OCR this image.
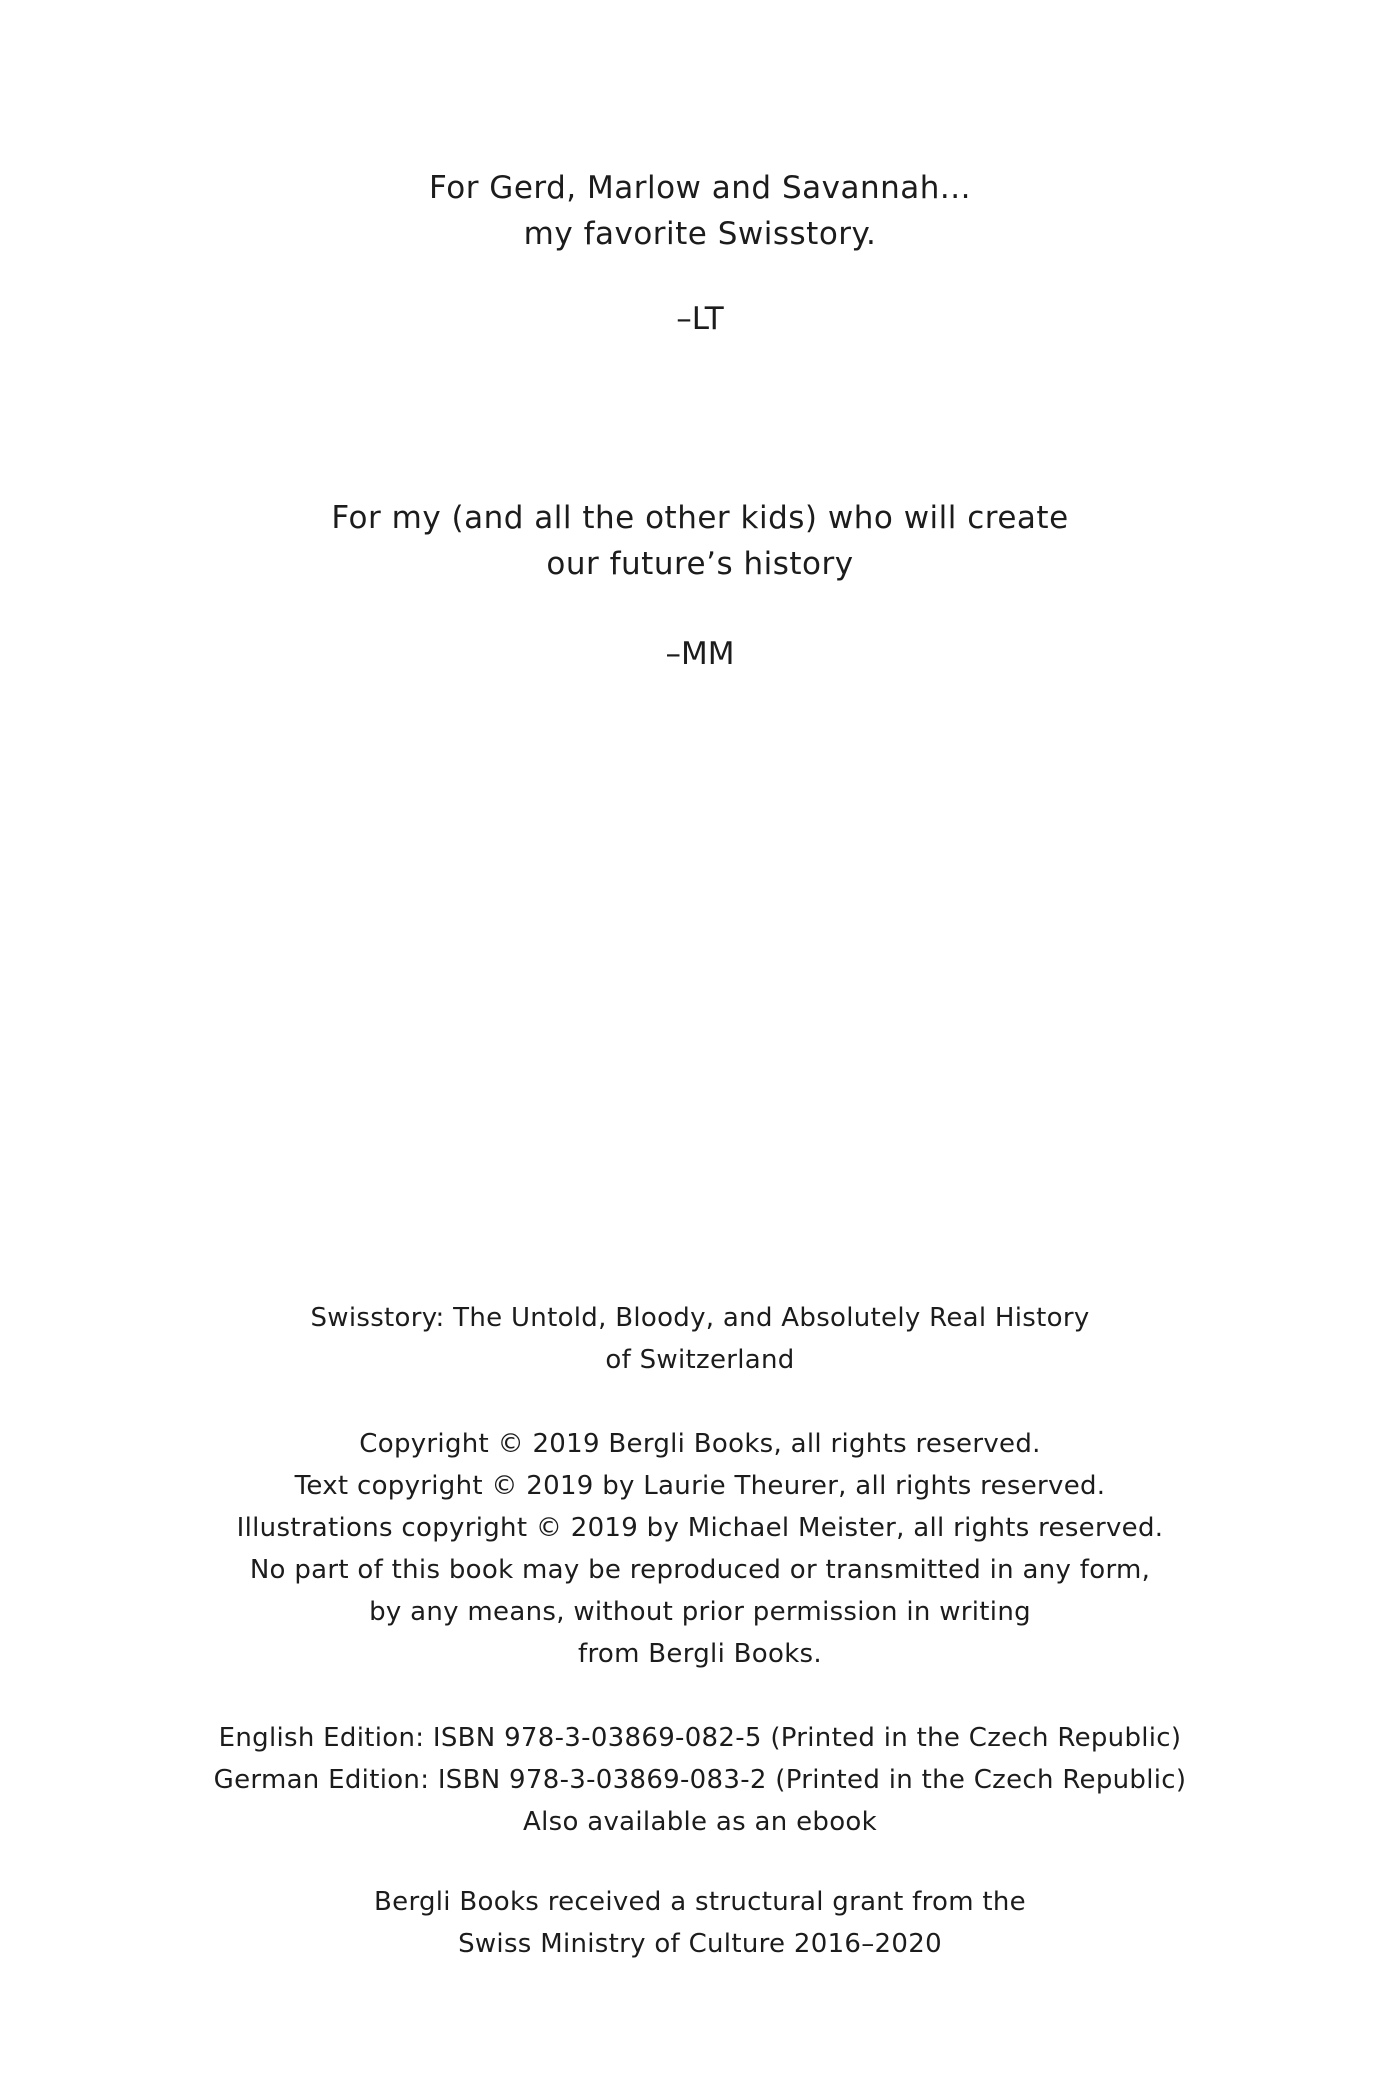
For Gerd, Marlow and Savannah...
my favorite Swisstory.
–LT
For my (and all the other kids) who will create
our future’s history
–MM
Swisstory: The Untold, Bloody, and Absolutely Real History
of Switzerland
Copyright © 2019 Bergli Books, all rights reserved.
Text copyright © 2019 by Laurie Theurer, all rights reserved.
Illustrations copyright © 2019 by Michael Meister, all rights reserved.
No part of this book may be reproduced or transmitted in any form,
by any means, without prior permission in writing
from Bergli Books.
English Edition: ISBN 978-3-03869-082-5 (Printed in the Czech Republic)
German Edition: ISBN 978-3-03869-083-2 (Printed in the Czech Republic)
Also available as an ebook
Bergli Books received a structural grant from the
Swiss Ministry of Culture 2016–2020
